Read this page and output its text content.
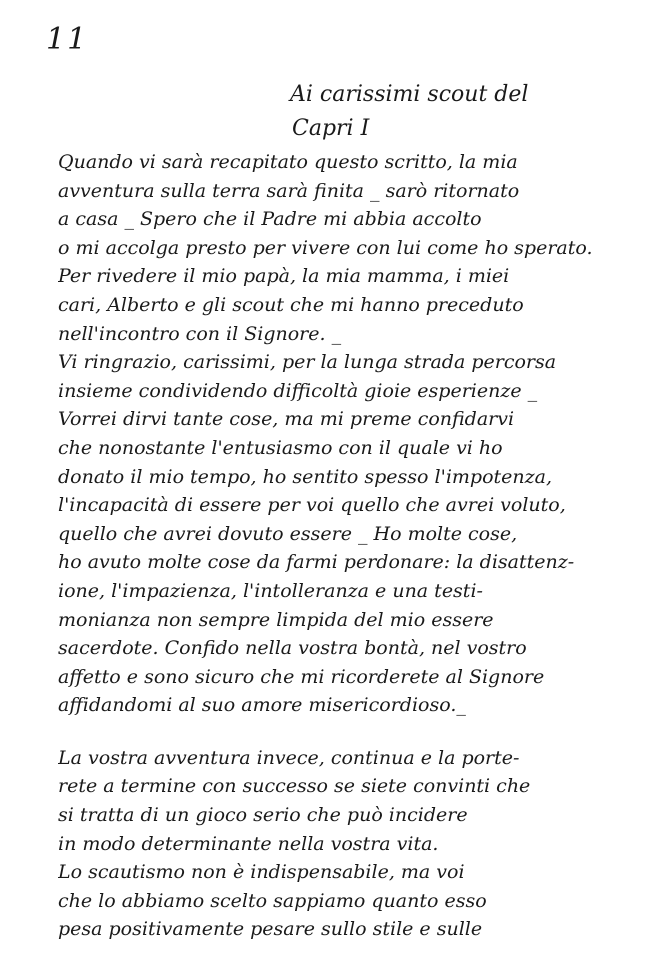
11
Ai carissimi scout del
Capri I
Quando vi sarà recapitato questo scritto, la mia
avventura sulla terra sarà finita _ sarò ritornato
a casa _ Spero che il Padre mi abbia accolto
o mi accolga presto per vivere con lui come ho sperato.
Per rivedere il mio papà, la mia mamma, i miei
cari, Alberto e gli scout che mi hanno preceduto
nell'incontro con il Signore. _
Vi ringrazio, carissimi, per la lunga strada percorsa
insieme condividendo difficoltà gioie esperienze _
Vorrei dirvi tante cose, ma mi preme confidarvi
che nonostante l'entusiasmo con il quale vi ho
donato il mio tempo, ho sentito spesso l'impotenza,
l'incapacità di essere per voi quello che avrei voluto,
quello che avrei dovuto essere _ Ho molte cose,
ho avuto molte cose da farmi perdonare: la disattenz-
ione, l'impazienza, l'intolleranza e una testi-
monianza non sempre limpida del mio essere
sacerdote. Confido nella vostra bontà, nel vostro
affetto e sono sicuro che mi ricorderete al Signore
affidandomi al suo amore misericordioso._
La vostra avventura invece, continua e la porte-
rete a termine con successo se siete convinti che
si tratta di un gioco serio che può incidere
in modo determinante nella vostra vita.
Lo scautismo non è indispensabile, ma voi
che lo abbiamo scelto sappiamo quanto esso
pesa positivamente pesare sullo stile e sulle
